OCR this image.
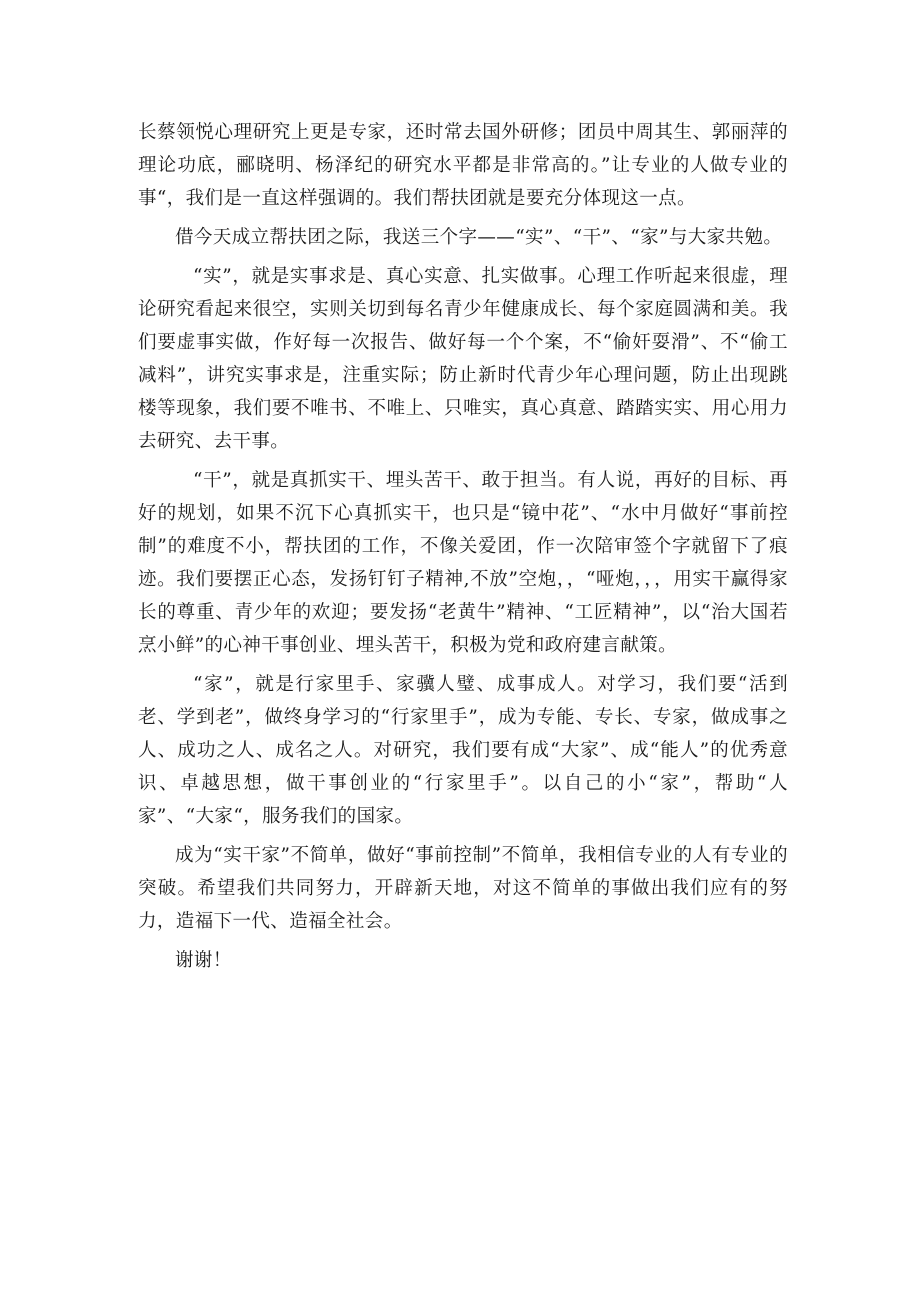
长蔡领悦心理研究上更是专家，还时常去国外研修；团员中周其生、郭丽萍的理论功底，郦晓明、杨泽纪的研究水平都是非常高的。”让专业的人做专业的事“，我们是一直这样强调的。我们帮扶团就是要充分体现这一点。

借今天成立帮扶团之际，我送三个字——“实”、“干”、“家”与大家共勉。

“实”，就是实事求是、真心实意、扎实做事。心理工作听起来很虚，理论研究看起来很空，实则关切到每名青少年健康成长、每个家庭圆满和美。我们要虚事实做，作好每一次报告、做好每一个个案，不“偷奸耍滑”、不“偷工减料”，讲究实事求是，注重实际；防止新时代青少年心理问题，防止出现跳楼等现象，我们要不唯书、不唯上、只唯实，真心真意、踏踏实实、用心用力去研究、去干事。

“干”，就是真抓实干、埋头苦干、敢于担当。有人说，再好的目标、再好的规划，如果不沉下心真抓实干，也只是“镜中花”、“水中月做好“事前控制”的难度不小，帮扶团的工作，不像关爱团，作一次陪审签个字就留下了痕迹。我们要摆正心态，发扬钉钉子精神,不放”空炮，，“哑炮，，，用实干赢得家长的尊重、青少年的欢迎；要发扬“老黄牛”精神、“工匠精神”，以“治大国若烹小鲜”的心神干事创业、埋头苦干，积极为党和政府建言献策。

“家”，就是行家里手、家骥人璧、成事成人。对学习，我们要“活到老、学到老”，做终身学习的“行家里手”，成为专能、专长、专家，做成事之人、成功之人、成名之人。对研究，我们要有成“大家”、成“能人”的优秀意识、卓越思想，做干事创业的“行家里手”。以自己的小“家”，帮助“人家”、“大家“，服务我们的国家。

成为“实干家”不简单，做好“事前控制”不简单，我相信专业的人有专业的突破。希望我们共同努力，开辟新天地，对这不简单的事做出我们应有的努力，造福下一代、造福全社会。

谢谢！
